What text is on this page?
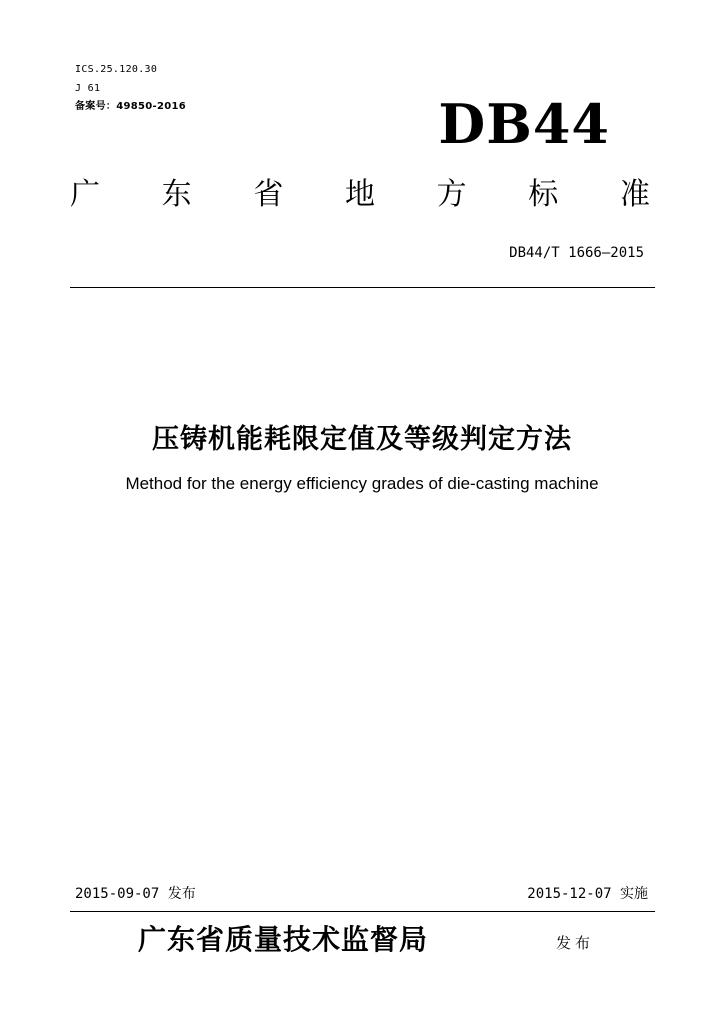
ICS.25.120.30
J 61
备案号：49850-2016	DB44
广 东 省 地 方 标 准
DB44/T 1666—2015
压铸机能耗限定值及等级判定方法
Method for the energy efficiency grades of die-casting machine
2015-09-07 发布	2015-12-07 实施
广东省质量技术监督局	发布
